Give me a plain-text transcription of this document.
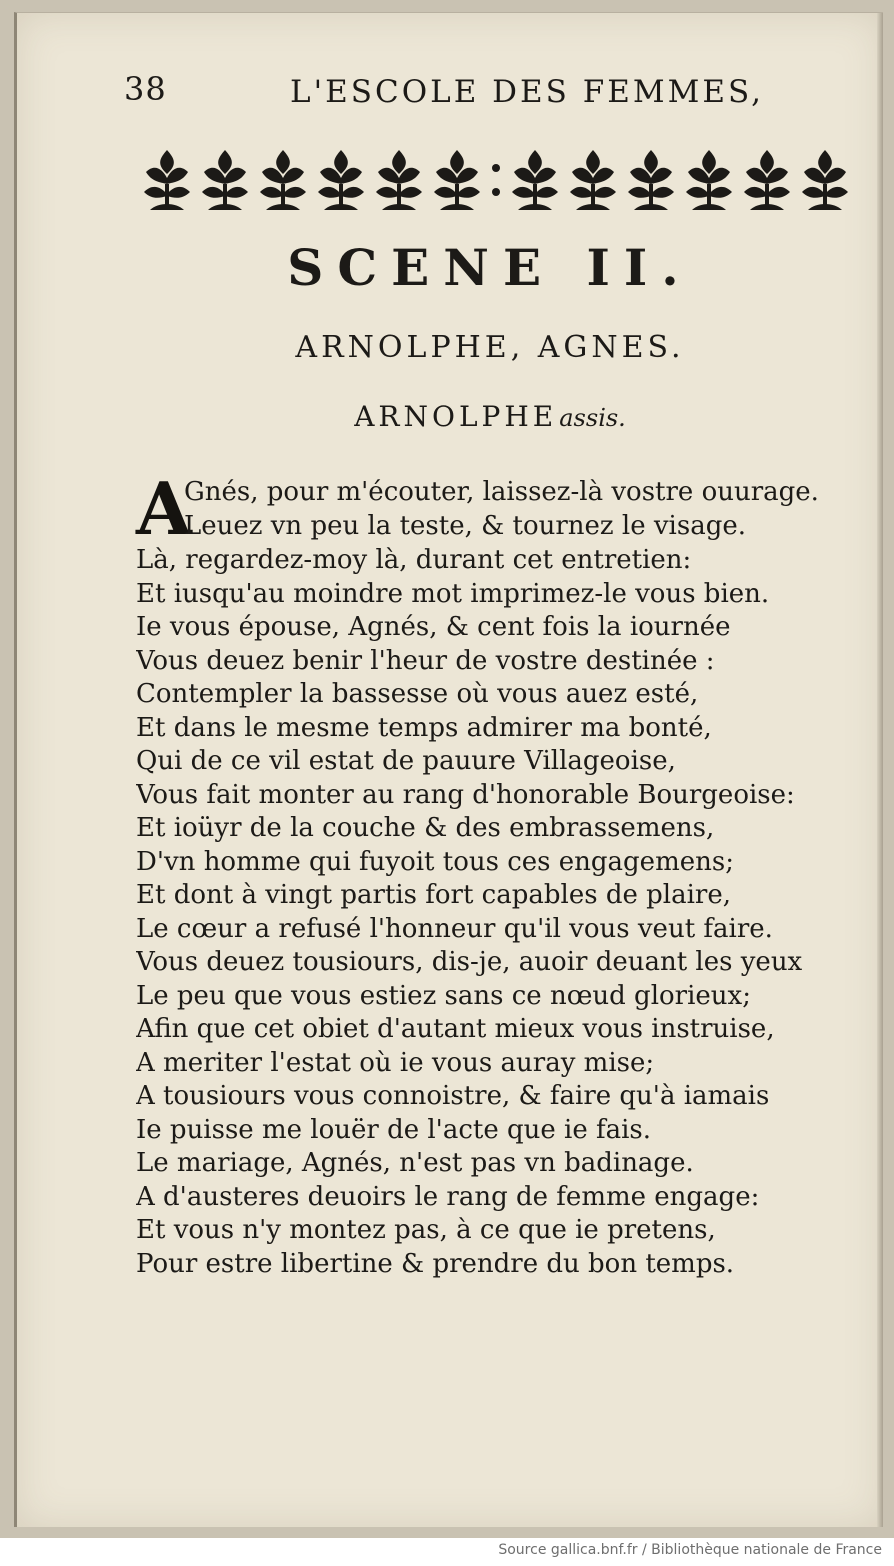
38	L'ESCOLE DES FEMMES,
SCENE II.
ARNOLPHE, AGNES.
ARNOLPHEassis.
A
Gnés, pour m'écouter, laissez-là vostre ouurage.
Leuez vn peu la teste, & tournez le visage.
Là, regardez-moy là, durant cet entretien:
Et iusqu'au moindre mot imprimez-le vous bien.
Ie vous épouse, Agnés, & cent fois la iournée
Vous deuez benir l'heur de vostre destinée :
Contempler la bassesse où vous auez esté,
Et dans le mesme temps admirer ma bonté,
Qui de ce vil estat de pauure Villageoise,
Vous fait monter au rang d'honorable Bourgeoise:
Et ioüyr de la couche & des embrassemens,
D'vn homme qui fuyoit tous ces engagemens;
Et dont à vingt partis fort capables de plaire,
Le cœur a refusé l'honneur qu'il vous veut faire.
Vous deuez tousiours, dis-je, auoir deuant les yeux
Le peu que vous estiez sans ce nœud glorieux;
Afin que cet obiet d'autant mieux vous instruise,
A meriter l'estat où ie vous auray mise;
A tousiours vous connoistre, & faire qu'à iamais
Ie puisse me louër de l'acte que ie fais.
Le mariage, Agnés, n'est pas vn badinage.
A d'austeres deuoirs le rang de femme engage:
Et vous n'y montez pas, à ce que ie pretens,
Pour estre libertine & prendre du bon temps.
Source gallica.bnf.fr / Bibliothèque nationale de France
